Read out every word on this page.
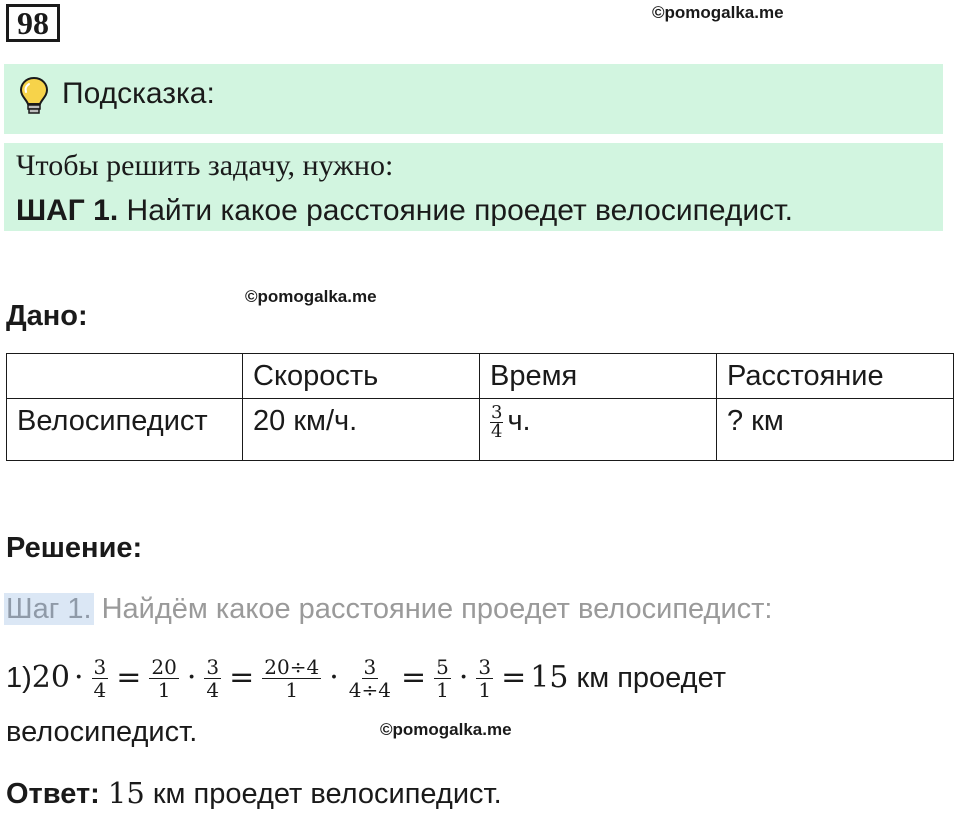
98	©pomogalka.me
Подсказка:
Чтобы решить задачу, нужно:
ШАГ 1. Найти какое расстояние проедет велосипедист.
Дано:
©pomogalka.me
	Скорость	Время	Расстояние
Велосипедист	20 км/ч.	$\frac{3}{4} ч$.	? км
Решение:
Шаг 1. Найдём какое расстояние проедет велосипедист:
1) $20 \cdot \frac{3}{4} = \frac{20}{1} \cdot \frac{3}{4} = \frac{20\div 4}{1} \cdot \frac{3}{4\div 4} = \frac{5}{1} \cdot \frac{3}{1} = 15$ км проедет
велосипедист.	©pomogalka.me
Ответ: 15 км проедет велосипедист.
